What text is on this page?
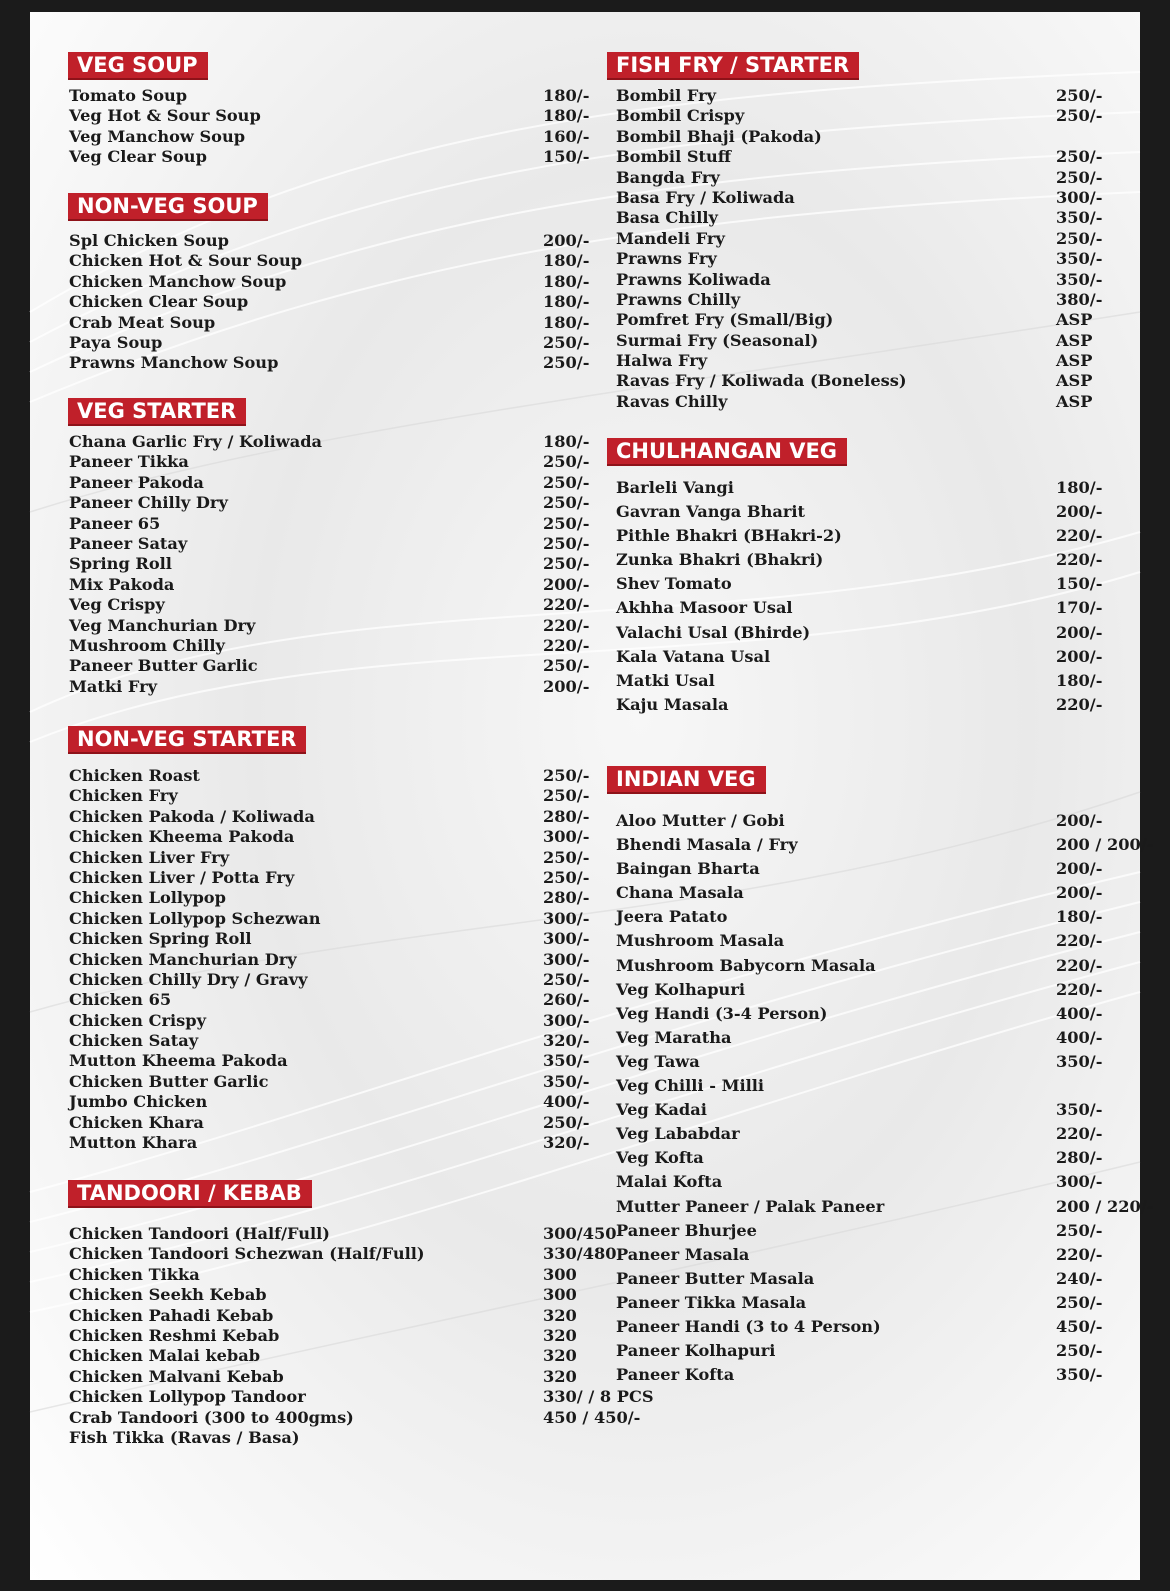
VEG SOUP
Tomato Soup	180/-
Veg Hot & Sour Soup	180/-
Veg Manchow Soup	160/-
Veg Clear Soup	150/-
NON-VEG SOUP
Spl Chicken Soup	200/-
Chicken Hot & Sour Soup	180/-
Chicken Manchow Soup	180/-
Chicken Clear Soup	180/-
Crab Meat Soup	180/-
Paya Soup	250/-
Prawns Manchow Soup	250/-
VEG STARTER
Chana Garlic Fry / Koliwada	180/-
Paneer Tikka	250/-
Paneer Pakoda	250/-
Paneer Chilly Dry	250/-
Paneer 65	250/-
Paneer Satay	250/-
Spring Roll	250/-
Mix Pakoda	200/-
Veg Crispy	220/-
Veg Manchurian Dry	220/-
Mushroom Chilly	220/-
Paneer Butter Garlic	250/-
Matki Fry	200/-
NON-VEG STARTER
Chicken Roast	250/-
Chicken Fry	250/-
Chicken Pakoda / Koliwada	280/-
Chicken Kheema Pakoda	300/-
Chicken Liver Fry	250/-
Chicken Liver / Potta Fry	250/-
Chicken Lollypop	280/-
Chicken Lollypop Schezwan	300/-
Chicken Spring Roll	300/-
Chicken Manchurian Dry	300/-
Chicken Chilly Dry / Gravy	250/-
Chicken 65	260/-
Chicken Crispy	300/-
Chicken Satay	320/-
Mutton Kheema Pakoda	350/-
Chicken Butter Garlic	350/-
Jumbo Chicken	400/-
Chicken Khara	250/-
Mutton Khara	320/-
TANDOORI / KEBAB
Chicken Tandoori (Half/Full)	300/450
Chicken Tandoori Schezwan (Half/Full)	330/480
Chicken Tikka	300
Chicken Seekh Kebab	300
Chicken Pahadi Kebab	320
Chicken Reshmi Kebab	320
Chicken Malai kebab	320
Chicken Malvani Kebab	320
Chicken Lollypop Tandoor	330/ / 8 PCS
Crab Tandoori (300 to 400gms)	450 / 450/-
Fish Tikka (Ravas / Basa)
FISH FRY / STARTER
Bombil Fry	250/-
Bombil Crispy	250/-
Bombil Bhaji (Pakoda)
Bombil Stuff	250/-
Bangda Fry	250/-
Basa Fry / Koliwada	300/-
Basa Chilly	350/-
Mandeli Fry	250/-
Prawns Fry	350/-
Prawns Koliwada	350/-
Prawns Chilly	380/-
Pomfret Fry (Small/Big)	ASP
Surmai Fry (Seasonal)	ASP
Halwa Fry	ASP
Ravas Fry / Koliwada (Boneless)	ASP
Ravas Chilly	ASP
CHULHANGAN VEG
Barleli Vangi	180/-
Gavran Vanga Bharit	200/-
Pithle Bhakri (BHakri-2)	220/-
Zunka Bhakri (Bhakri)	220/-
Shev Tomato	150/-
Akhha Masoor Usal	170/-
Valachi Usal (Bhirde)	200/-
Kala Vatana Usal	200/-
Matki Usal	180/-
Kaju Masala	220/-
INDIAN VEG
Aloo Mutter / Gobi	200/-
Bhendi Masala / Fry	200 / 200/-
Baingan Bharta	200/-
Chana Masala	200/-
Jeera Patato	180/-
Mushroom Masala	220/-
Mushroom Babycorn Masala	220/-
Veg Kolhapuri	220/-
Veg Handi (3-4 Person)	400/-
Veg Maratha	400/-
Veg Tawa	350/-
Veg Chilli - Milli
Veg Kadai	350/-
Veg Lababdar	220/-
Veg Kofta	280/-
Malai Kofta	300/-
Mutter Paneer / Palak Paneer	200 / 220/-
Paneer Bhurjee	250/-
Paneer Masala	220/-
Paneer Butter Masala	240/-
Paneer Tikka Masala	250/-
Paneer Handi (3 to 4 Person)	450/-
Paneer Kolhapuri	250/-
Paneer Kofta	350/-
